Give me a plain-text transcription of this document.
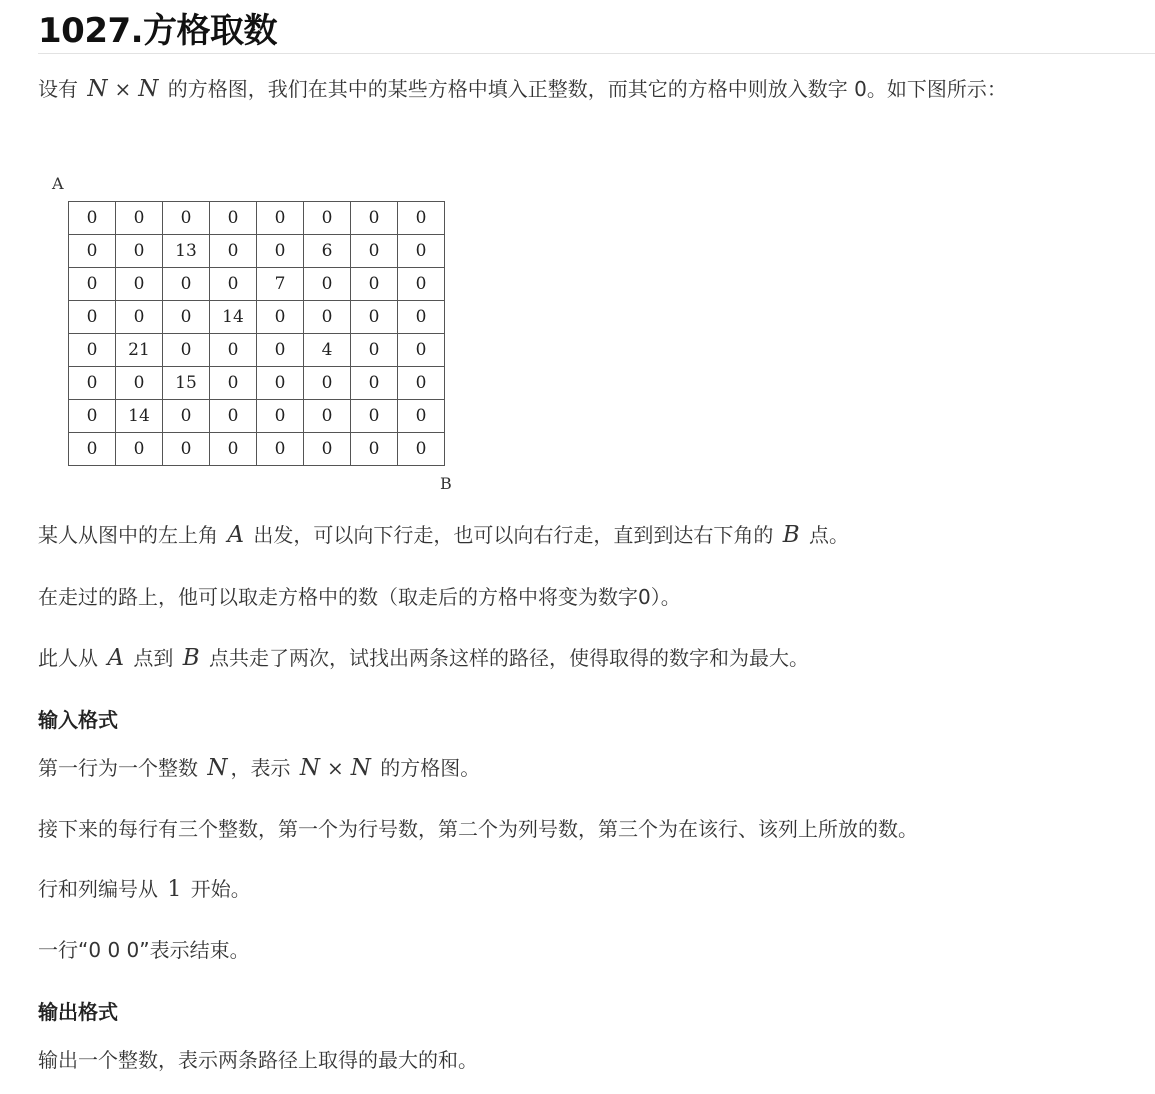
1027.方格取数

设有 N × N 的方格图，我们在其中的某些方格中填入正整数，而其它的方格中则放入数字 0。如下图所示：

A
0	0	0	0	0	0	0	0
0	0	13	0	0	6	0	0
0	0	0	0	7	0	0	0
0	0	0	14	0	0	0	0
0	21	0	0	0	4	0	0
0	0	15	0	0	0	0	0
0	14	0	0	0	0	0	0
0	0	0	0	0	0	0	0
B

某人从图中的左上角 A 出发，可以向下行走，也可以向右行走，直到到达右下角的 B 点。

在走过的路上，他可以取走方格中的数（取走后的方格中将变为数字0）。

此人从 A 点到 B 点共走了两次，试找出两条这样的路径，使得取得的数字和为最大。

输入格式

第一行为一个整数 N ，表示 N × N 的方格图。

接下来的每行有三个整数，第一个为行号数，第二个为列号数，第三个为在该行、该列上所放的数。

行和列编号从 1 开始。

一行“0 0 0”表示结束。

输出格式

输出一个整数，表示两条路径上取得的最大的和。
